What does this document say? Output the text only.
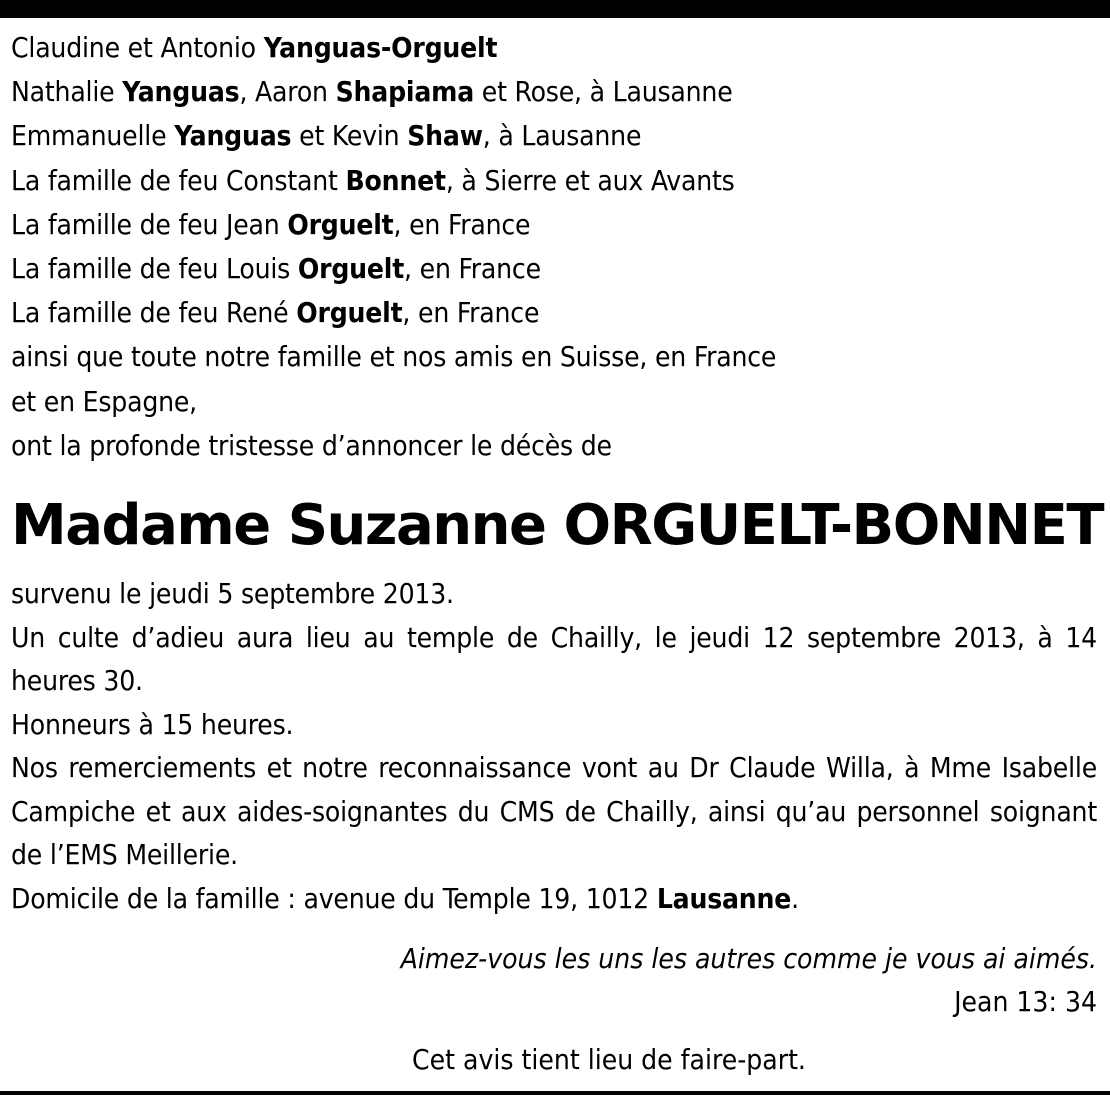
Claudine et Antonio Yanguas-Orguelt
Nathalie Yanguas, Aaron Shapiama et Rose, à Lausanne
Emmanuelle Yanguas et Kevin Shaw, à Lausanne
La famille de feu Constant Bonnet, à Sierre et aux Avants
La famille de feu Jean Orguelt, en France
La famille de feu Louis Orguelt, en France
La famille de feu René Orguelt, en France
ainsi que toute notre famille et nos amis en Suisse, en France
et en Espagne,
ont la profonde tristesse d’annoncer le décès de
Madame Suzanne ORGUELT-BONNET
survenu le jeudi 5 septembre 2013.
Un culte d’adieu aura lieu au temple de Chailly, le jeudi 12 septembre 2013, à 14 heures 30.
Honneurs à 15 heures.
Nos remerciements et notre reconnaissance vont au Dr Claude Willa, à Mme Isabelle Campiche et aux aides-soignantes du CMS de Chailly, ainsi qu’au personnel soignant de l’EMS Meillerie.
Domicile de la famille : avenue du Temple 19, 1012 Lausanne.
Aimez-vous les uns les autres comme je vous ai aimés.
Jean 13: 34
Cet avis tient lieu de faire-part.
